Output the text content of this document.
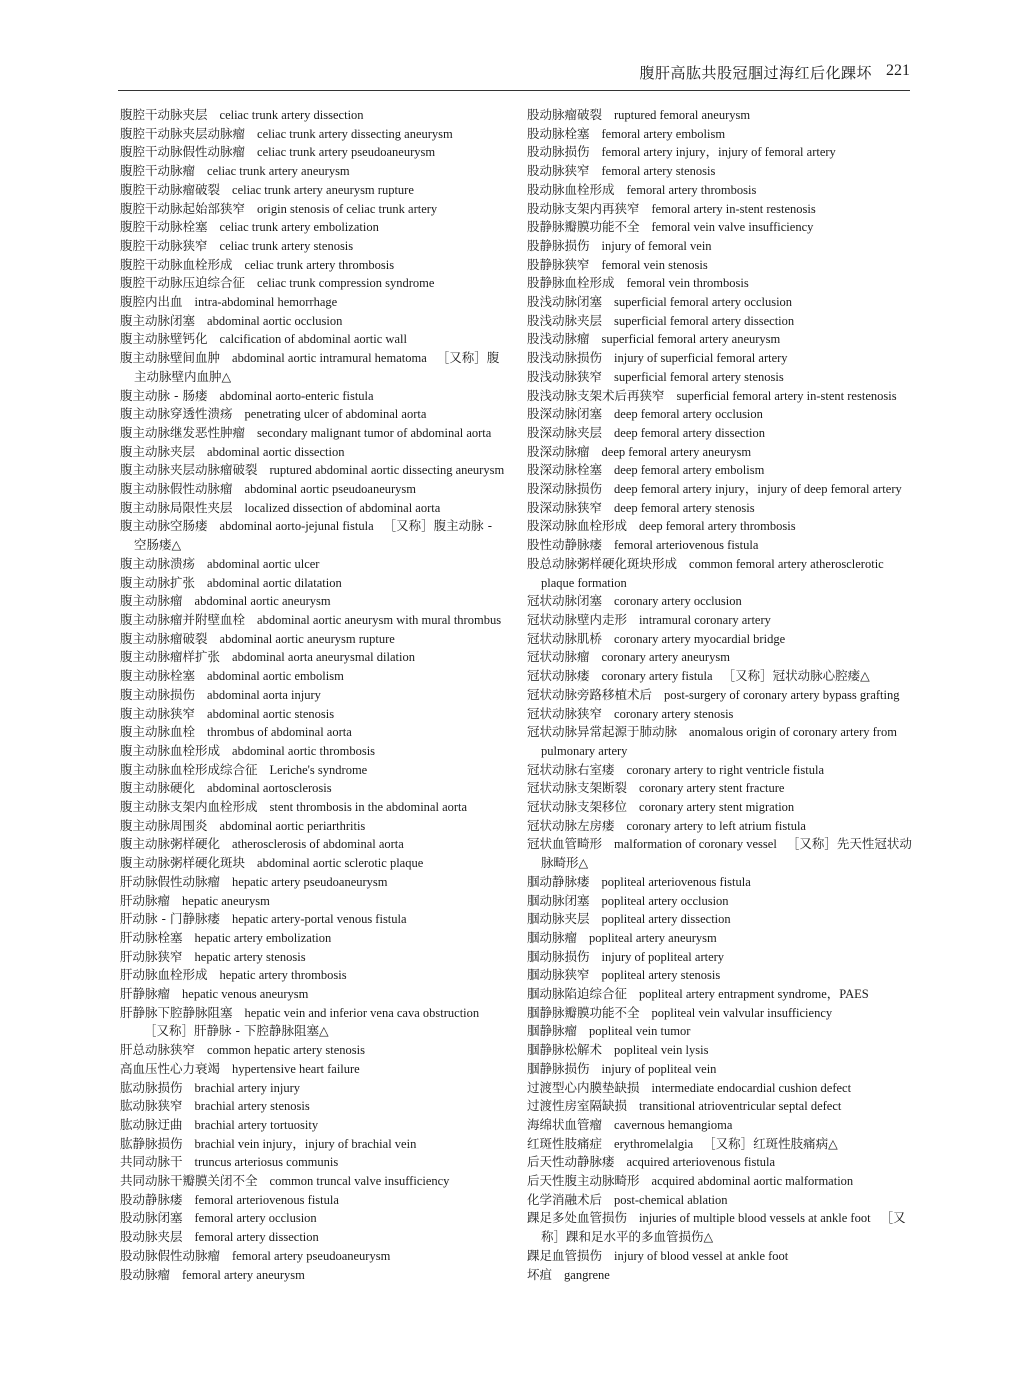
腹肝高肱共股冠腘过海红后化踝坏 221
腹腔干动脉夹层 celiac trunk artery dissection
腹腔干动脉夹层动脉瘤 celiac trunk artery dissecting aneurysm
腹腔干动脉假性动脉瘤 celiac trunk artery pseudoaneurysm
腹腔干动脉瘤 celiac trunk artery aneurysm
腹腔干动脉瘤破裂 celiac trunk artery aneurysm rupture
腹腔干动脉起始部狭窄 origin stenosis of celiac trunk artery
腹腔干动脉栓塞 celiac trunk artery embolization
腹腔干动脉狭窄 celiac trunk artery stenosis
腹腔干动脉血栓形成 celiac trunk artery thrombosis
腹腔干动脉压迫综合征 celiac trunk compression syndrome
腹腔内出血 intra-abdominal hemorrhage
腹主动脉闭塞 abdominal aortic occlusion
腹主动脉壁钙化 calcification of abdominal aortic wall
腹主动脉壁间血肿 abdominal aortic intramural hematoma ［又称］腹主动脉壁内血肿△
腹主动脉 - 肠瘘 abdominal aorto-enteric fistula
腹主动脉穿透性溃疡 penetrating ulcer of abdominal aorta
腹主动脉继发恶性肿瘤 secondary malignant tumor of abdominal aorta
腹主动脉夹层 abdominal aortic dissection
腹主动脉夹层动脉瘤破裂 ruptured abdominal aortic dissecting aneurysm
腹主动脉假性动脉瘤 abdominal aortic pseudoaneurysm
腹主动脉局限性夹层 localized dissection of abdominal aorta
腹主动脉空肠瘘 abdominal aorto-jejunal fistula ［又称］腹主动脉 - 空肠瘘△
腹主动脉溃疡 abdominal aortic ulcer
腹主动脉扩张 abdominal aortic dilatation
腹主动脉瘤 abdominal aortic aneurysm
腹主动脉瘤并附壁血栓 abdominal aortic aneurysm with mural thrombus
腹主动脉瘤破裂 abdominal aortic aneurysm rupture
腹主动脉瘤样扩张 abdominal aorta aneurysmal dilation
腹主动脉栓塞 abdominal aortic embolism
腹主动脉损伤 abdominal aorta injury
腹主动脉狭窄 abdominal aortic stenosis
腹主动脉血栓 thrombus of abdominal aorta
腹主动脉血栓形成 abdominal aortic thrombosis
腹主动脉血栓形成综合征 Leriche's syndrome
腹主动脉硬化 abdominal aortosclerosis
腹主动脉支架内血栓形成 stent thrombosis in the abdominal aorta
腹主动脉周围炎 abdominal aortic periarthritis
腹主动脉粥样硬化 atherosclerosis of abdominal aorta
腹主动脉粥样硬化斑块 abdominal aortic sclerotic plaque
肝动脉假性动脉瘤 hepatic artery pseudoaneurysm
肝动脉瘤 hepatic aneurysm
肝动脉 - 门静脉瘘 hepatic artery-portal venous fistula
肝动脉栓塞 hepatic artery embolization
肝动脉狭窄 hepatic artery stenosis
肝动脉血栓形成 hepatic artery thrombosis
肝静脉瘤 hepatic venous aneurysm
肝静脉下腔静脉阻塞 hepatic vein and inferior vena cava obstruction［又称］肝静脉 - 下腔静脉阻塞△
肝总动脉狭窄 common hepatic artery stenosis
高血压性心力衰竭 hypertensive heart failure
肱动脉损伤 brachial artery injury
肱动脉狭窄 brachial artery stenosis
肱动脉迂曲 brachial artery tortuosity
肱静脉损伤 brachial vein injury，injury of brachial vein
共同动脉干 truncus arteriosus communis
共同动脉干瓣膜关闭不全 common truncal valve insufficiency
股动静脉瘘 femoral arteriovenous fistula
股动脉闭塞 femoral artery occlusion
股动脉夹层 femoral artery dissection
股动脉假性动脉瘤 femoral artery pseudoaneurysm
股动脉瘤 femoral artery aneurysm
股动脉瘤破裂 ruptured femoral aneurysm
股动脉栓塞 femoral artery embolism
股动脉损伤 femoral artery injury，injury of femoral artery
股动脉狭窄 femoral artery stenosis
股动脉血栓形成 femoral artery thrombosis
股动脉支架内再狭窄 femoral artery in-stent restenosis
股静脉瓣膜功能不全 femoral vein valve insufficiency
股静脉损伤 injury of femoral vein
股静脉狭窄 femoral vein stenosis
股静脉血栓形成 femoral vein thrombosis
股浅动脉闭塞 superficial femoral artery occlusion
股浅动脉夹层 superficial femoral artery dissection
股浅动脉瘤 superficial femoral artery aneurysm
股浅动脉损伤 injury of superficial femoral artery
股浅动脉狭窄 superficial femoral artery stenosis
股浅动脉支架术后再狭窄 superficial femoral artery in-stent restenosis
股深动脉闭塞 deep femoral artery occlusion
股深动脉夹层 deep femoral artery dissection
股深动脉瘤 deep femoral artery aneurysm
股深动脉栓塞 deep femoral artery embolism
股深动脉损伤 deep femoral artery injury，injury of deep femoral artery
股深动脉狭窄 deep femoral artery stenosis
股深动脉血栓形成 deep femoral artery thrombosis
股性动静脉瘘 femoral arteriovenous fistula
股总动脉粥样硬化斑块形成 common femoral artery atherosclerotic plaque formation
冠状动脉闭塞 coronary artery occlusion
冠状动脉壁内走形 intramural coronary artery
冠状动脉肌桥 coronary artery myocardial bridge
冠状动脉瘤 coronary artery aneurysm
冠状动脉瘘 coronary artery fistula ［又称］冠状动脉心腔瘘△
冠状动脉旁路移植术后 post-surgery of coronary artery bypass grafting
冠状动脉狭窄 coronary artery stenosis
冠状动脉异常起源于肺动脉 anomalous origin of coronary artery from pulmonary artery
冠状动脉右室瘘 coronary artery to right ventricle fistula
冠状动脉支架断裂 coronary artery stent fracture
冠状动脉支架移位 coronary artery stent migration
冠状动脉左房瘘 coronary artery to left atrium fistula
冠状血管畸形 malformation of coronary vessel ［又称］先天性冠状动脉畸形△
腘动静脉瘘 popliteal arteriovenous fistula
腘动脉闭塞 popliteal artery occlusion
腘动脉夹层 popliteal artery dissection
腘动脉瘤 popliteal artery aneurysm
腘动脉损伤 injury of popliteal artery
腘动脉狭窄 popliteal artery stenosis
腘动脉陷迫综合征 popliteal artery entrapment syndrome，PAES
腘静脉瓣膜功能不全 popliteal vein valvular insufficiency
腘静脉瘤 popliteal vein tumor
腘静脉松解术 popliteal vein lysis
腘静脉损伤 injury of popliteal vein
过渡型心内膜垫缺损 intermediate endocardial cushion defect
过渡性房室隔缺损 transitional atrioventricular septal defect
海绵状血管瘤 cavernous hemangioma
红斑性肢痛症 erythromelalgia ［又称］红斑性肢痛病△
后天性动静脉瘘 acquired arteriovenous fistula
后天性腹主动脉畸形 acquired abdominal aortic malformation
化学消融术后 post-chemical ablation
踝足多处血管损伤 injuries of multiple blood vessels at ankle foot ［又称］踝和足水平的多血管损伤△
踝足血管损伤 injury of blood vessel at ankle foot
坏疽 gangrene
